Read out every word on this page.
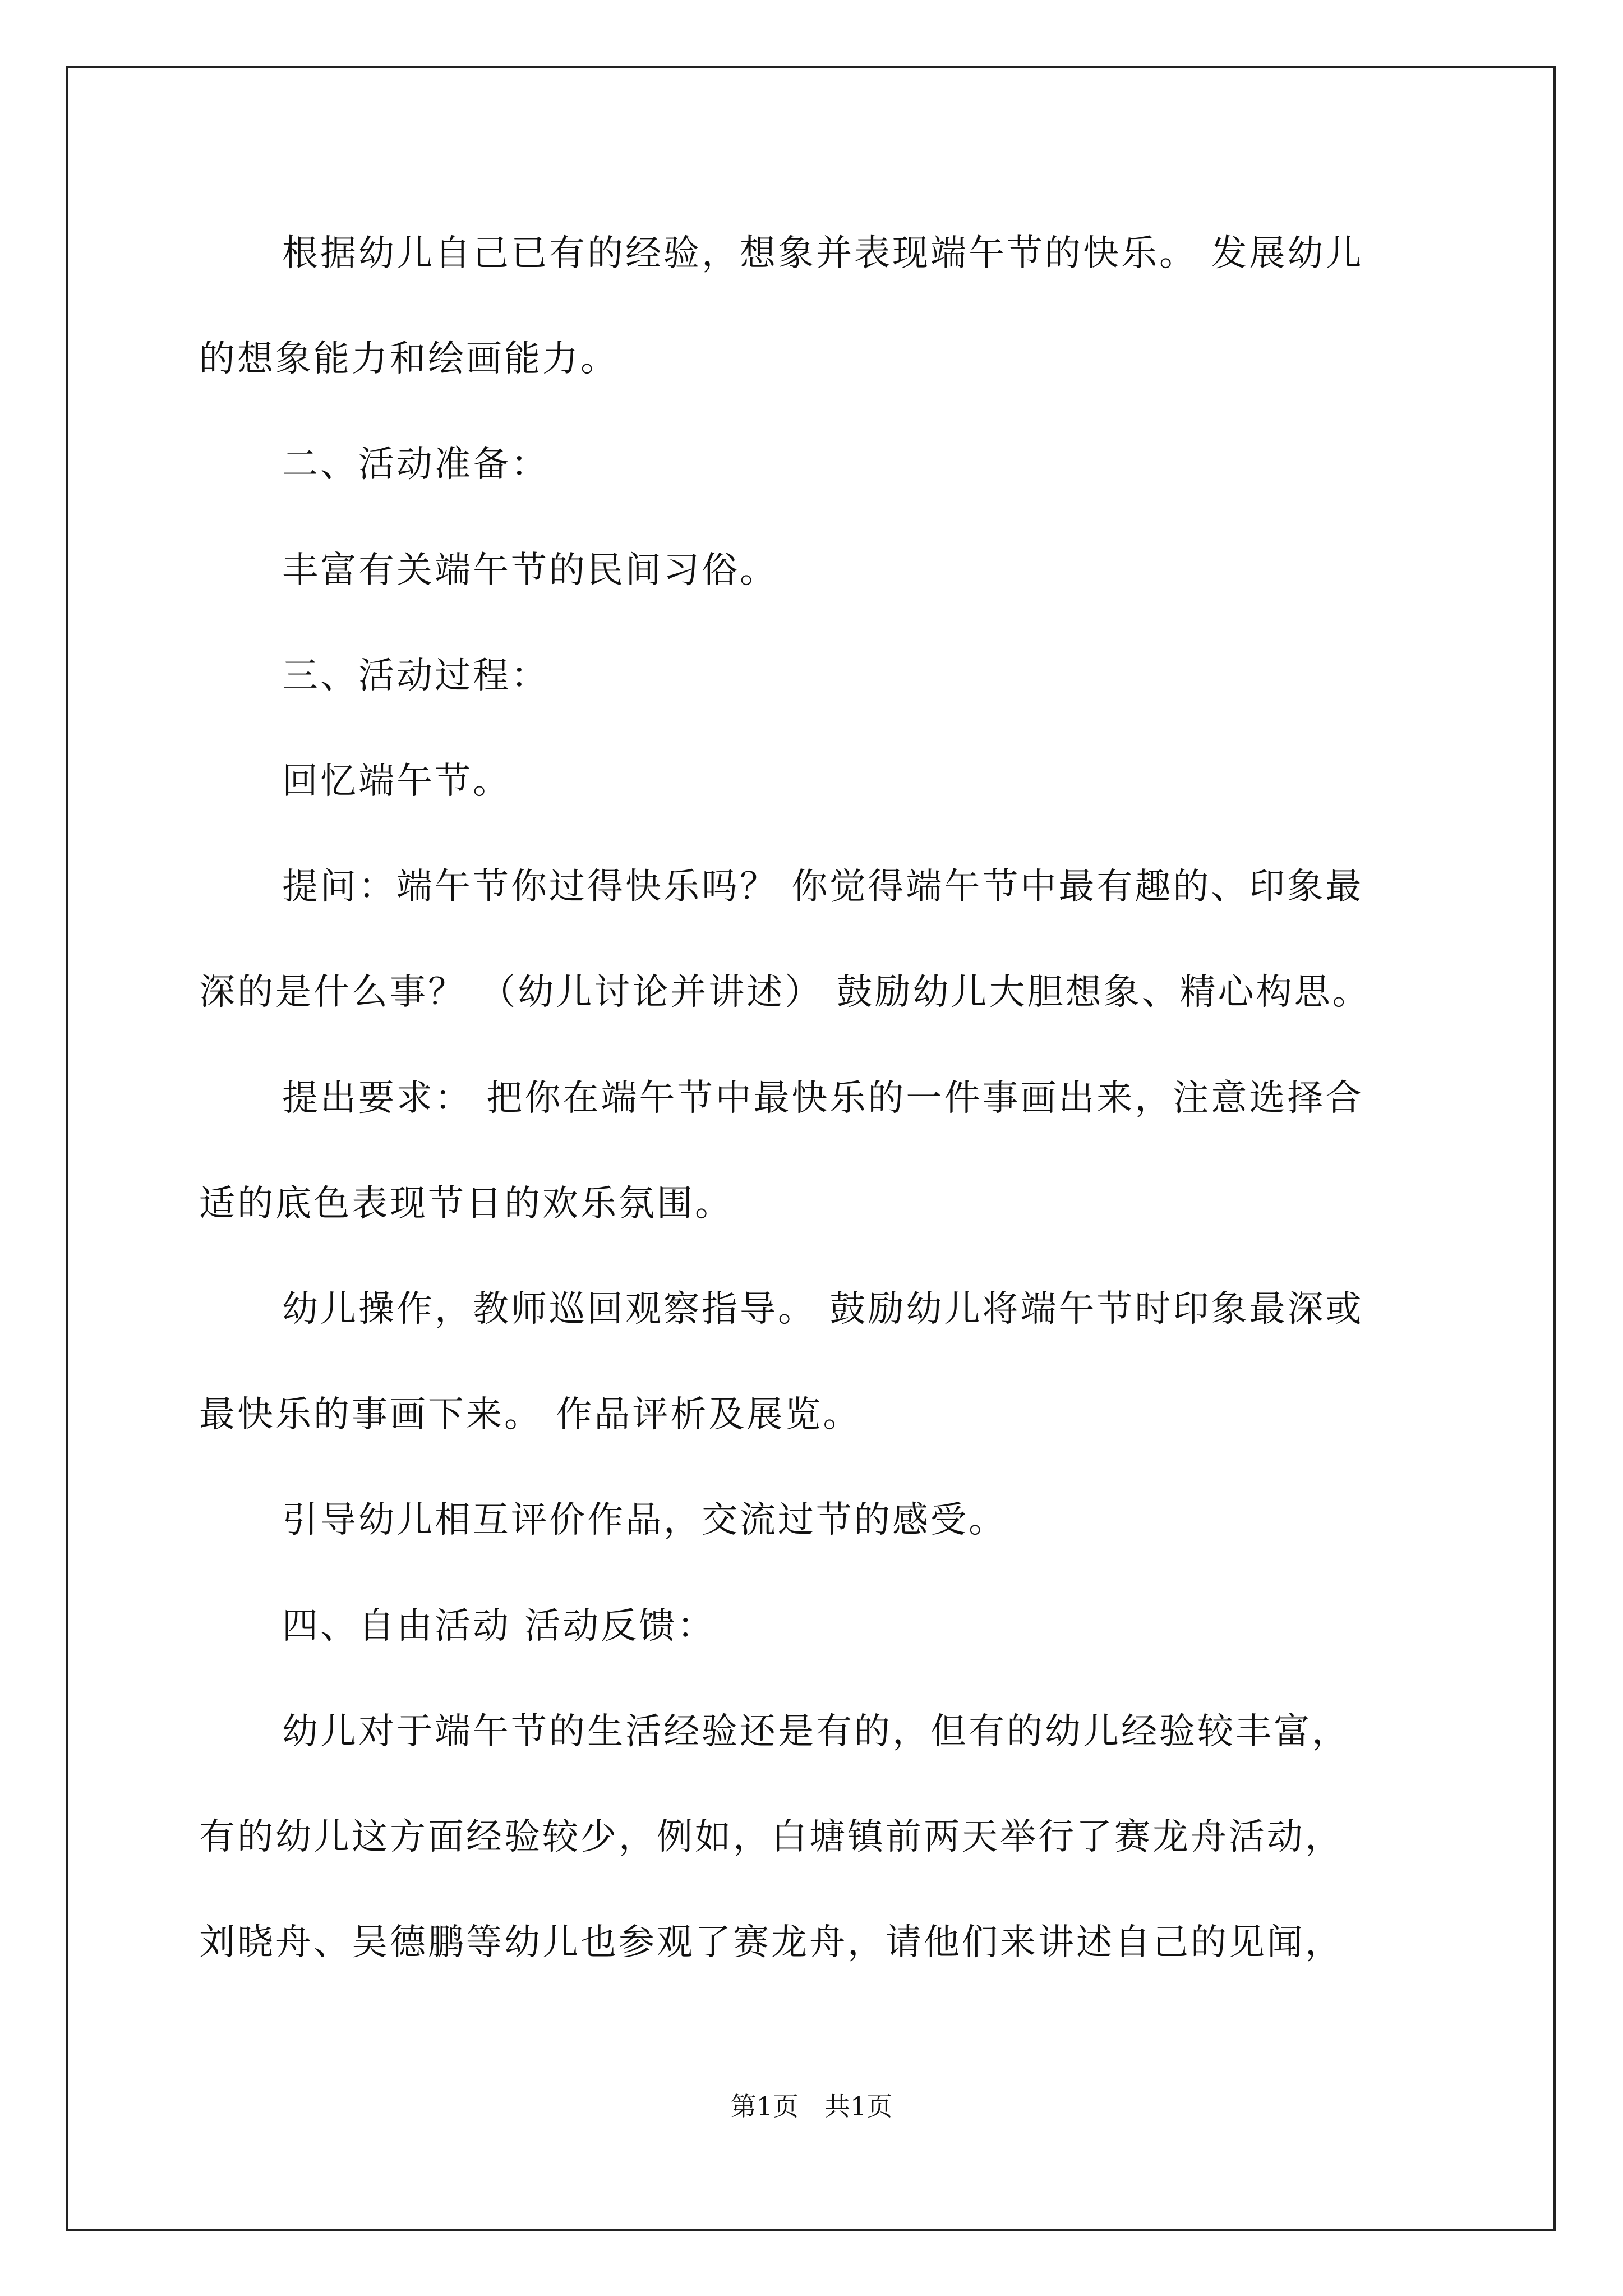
根据幼儿自己已有的经验，想象并表现端午节的快乐。 发展幼儿
的想象能力和绘画能力。
二、活动准备：
丰富有关端午节的民间习俗。
三、活动过程：
回忆端午节。
提问：端午节你过得快乐吗？ 你觉得端午节中最有趣的、印象最
深的是什么事？ （幼儿讨论并讲述） 鼓励幼儿大胆想象、精心构思。
提出要求： 把你在端午节中最快乐的一件事画出来，注意选择合
适的底色表现节日的欢乐氛围。
幼儿操作，教师巡回观察指导。 鼓励幼儿将端午节时印象最深或
最快乐的事画下来。 作品评析及展览。
引导幼儿相互评价作品，交流过节的感受。
四、自由活动 活动反馈：
幼儿对于端午节的生活经验还是有的，但有的幼儿经验较丰富，
有的幼儿这方面经验较少，例如，白塘镇前两天举行了赛龙舟活动，
刘晓舟、吴德鹏等幼儿也参观了赛龙舟，请他们来讲述自己的见闻，
第1页　共1页
